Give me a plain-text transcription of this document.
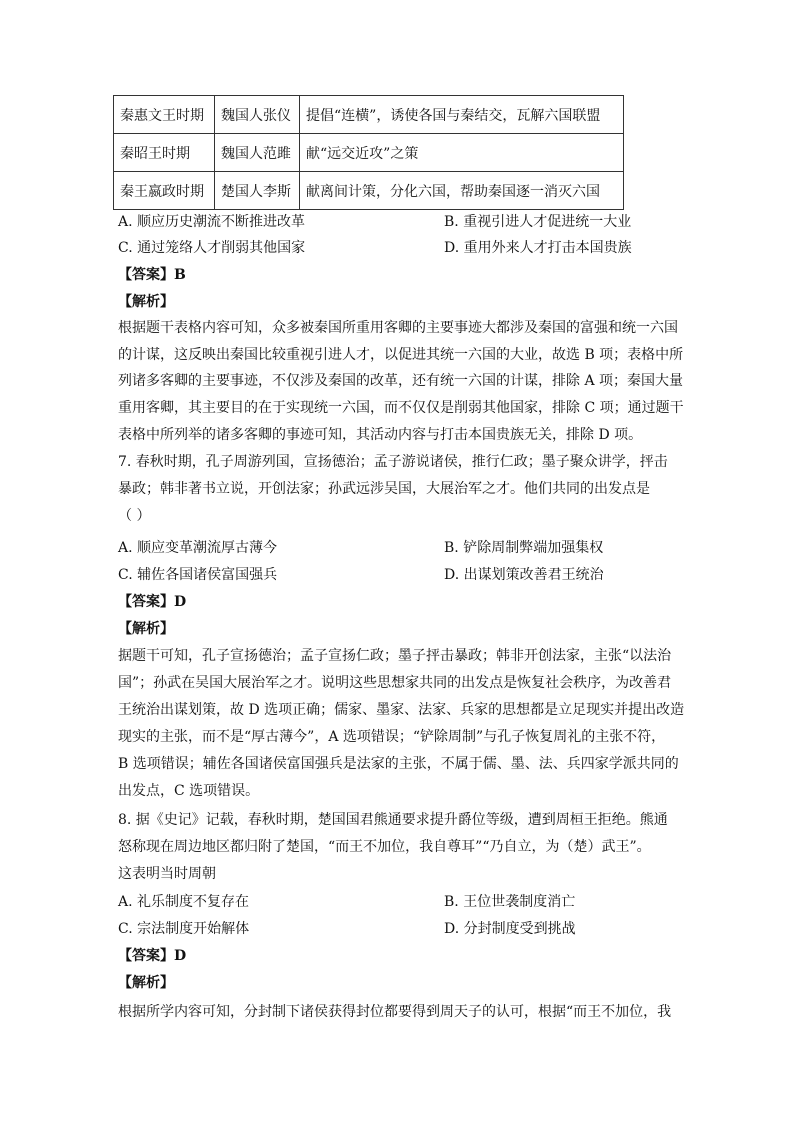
秦惠文王时期	魏国人张仪	提倡“连横”，诱使各国与秦结交，瓦解六国联盟
秦昭王时期	魏国人范雎	献“远交近攻”之策
秦王嬴政时期	楚国人李斯	献离间计策，分化六国，帮助秦国逐一消灭六国
A. 顺应历史潮流不断推进改革	B. 重视引进人才促进统一大业
C. 通过笼络人才削弱其他国家	D. 重用外来人才打击本国贵族
【答案】B
【解析】
根据题干表格内容可知，众多被秦国所重用客卿的主要事迹大都涉及秦国的富强和统一六国
的计谋，这反映出秦国比较重视引进人才，以促进其统一六国的大业，故选 B 项；表格中所
列诸多客卿的主要事迹，不仅涉及秦国的改革，还有统一六国的计谋，排除 A 项；秦国大量
重用客卿，其主要目的在于实现统一六国，而不仅仅是削弱其他国家，排除 C 项；通过题干
表格中所列举的诸多客卿的事迹可知，其活动内容与打击本国贵族无关，排除 D 项。
7. 春秋时期，孔子周游列国，宣扬德治；孟子游说诸侯，推行仁政；墨子聚众讲学，抨击
暴政；韩非著书立说，开创法家；孙武远涉吴国，大展治军之才。他们共同的出发点是
（ ）
A. 顺应变革潮流厚古薄今	B. 铲除周制弊端加强集权
C. 辅佐各国诸侯富国强兵	D. 出谋划策改善君王统治
【答案】D
【解析】
据题干可知，孔子宣扬德治；孟子宣扬仁政；墨子抨击暴政；韩非开创法家，主张“以法治
国”；孙武在吴国大展治军之才。说明这些思想家共同的出发点是恢复社会秩序，为改善君
王统治出谋划策，故 D 选项正确；儒家、墨家、法家、兵家的思想都是立足现实并提出改造
现实的主张，而不是“厚古薄今”，A 选项错误；“铲除周制”与孔子恢复周礼的主张不符，
B 选项错误；辅佐各国诸侯富国强兵是法家的主张，不属于儒、墨、法、兵四家学派共同的
出发点，C 选项错误。
8. 据《史记》记载，春秋时期，楚国国君熊通要求提升爵位等级，遭到周桓王拒绝。熊通
怒称现在周边地区都归附了楚国，“而王不加位，我自尊耳”“乃自立，为（楚）武王”。
这表明当时周朝
A. 礼乐制度不复存在	B. 王位世袭制度消亡
C. 宗法制度开始解体	D. 分封制度受到挑战
【答案】D
【解析】
根据所学内容可知，分封制下诸侯获得封位都要得到周天子的认可，根据“而王不加位，我
